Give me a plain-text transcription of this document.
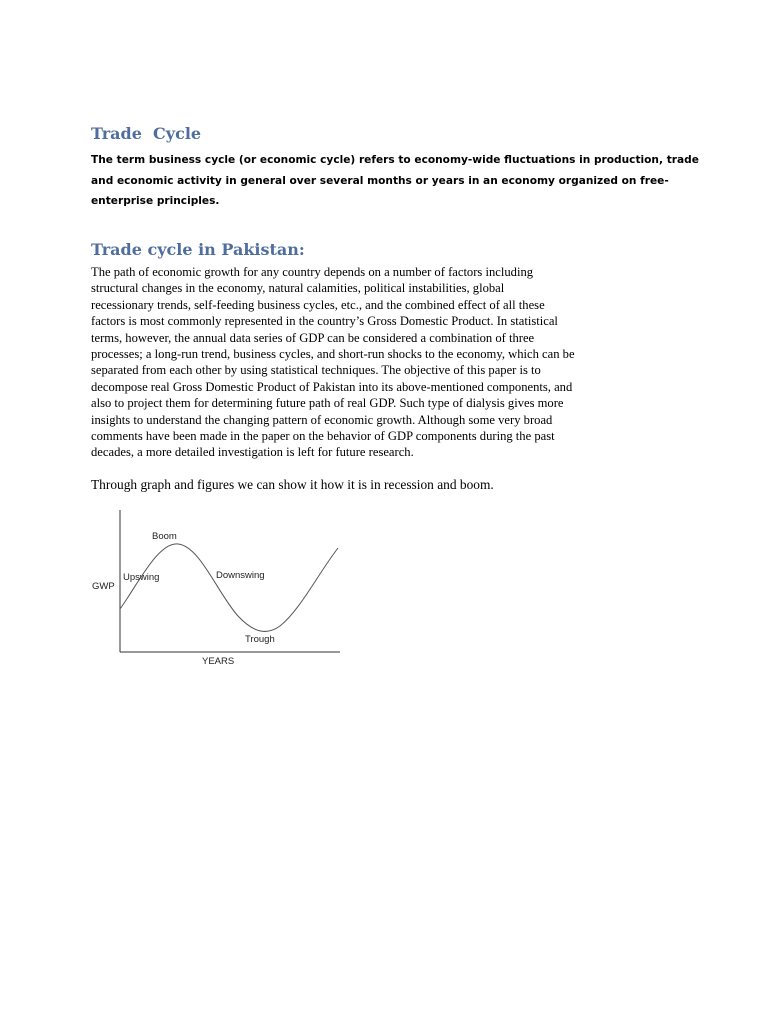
Trade  Cycle

The term business cycle (or economic cycle) refers to economy-wide fluctuations in production, trade
and economic activity in general over several months or years in an economy organized on free-
enterprise principles.

Trade cycle in Pakistan:

The path of economic growth for any country depends on a number of factors including
structural changes in the economy, natural calamities, political instabilities, global
recessionary trends, self-feeding business cycles, etc., and the combined effect of all these
factors is most commonly represented in the country’s Gross Domestic Product. In statistical
terms, however, the annual data series of GDP can be considered a combination of three
processes; a long-run trend, business cycles, and short-run shocks to the economy, which can be
separated from each other by using statistical techniques. The objective of this paper is to
decompose real Gross Domestic Product of Pakistan into its above-mentioned components, and
also to project them for determining future path of real GDP. Such type of dialysis gives more
insights to understand the changing pattern of economic growth. Although some very broad
comments have been made in the paper on the behavior of GDP components during the past
decades, a more detailed investigation is left for future research.

Through graph and figures we can show it how it is in recession and boom.

Boom
Upswing	Downswing
Trough
GWP
YEARS
